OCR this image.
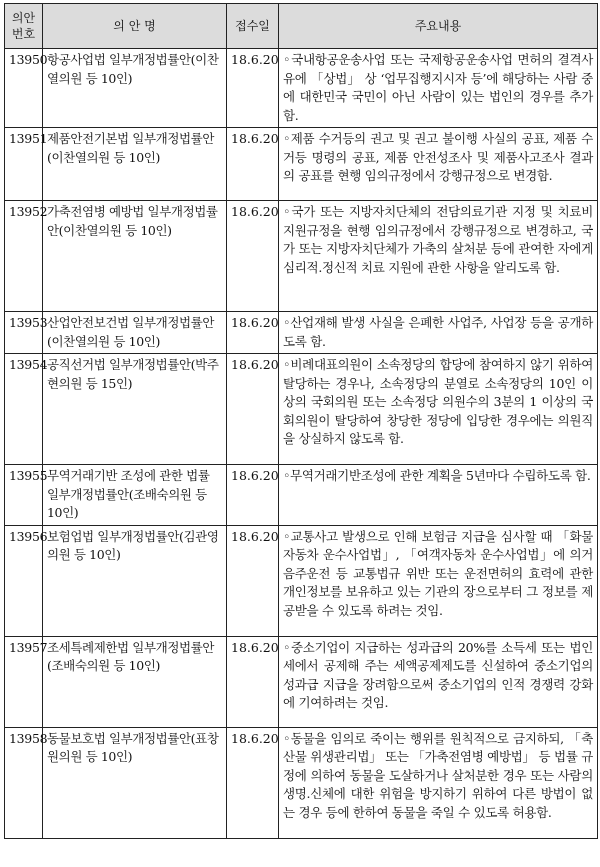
의안
번호	의 안 명	접수일	주요내용
13950	항공사업법 일부개정법률안(이찬열의원 등 10인)	18.6.20	◦국내항공운송사업 또는 국제항공운송사업 면허의 결격사유에 「상법」 상 ‘업무집행지시자 등’에 해당하는 사람 중에 대한민국 국민이 아닌 사람이 있는 법인의 경우를 추가함.
13951	제품안전기본법 일부개정법률안(이찬열의원 등 10인)	18.6.20	◦제품 수거등의 권고 및 권고 불이행 사실의 공표, 제품 수거등 명령의 공표, 제품 안전성조사 및 제품사고조사 결과의 공표를 현행 임의규정에서 강행규정으로 변경함.
13952	가축전염병 예방법 일부개정법률안(이찬열의원 등 10인)	18.6.20	◦국가 또는 지방자치단체의 전담의료기관 지정 및 치료비 지원규정을 현행 임의규정에서 강행규정으로 변경하고, 국가 또는 지방자치단체가 가축의 살처분 등에 관여한 자에게 심리적.정신적 치료 지원에 관한 사항을 알리도록 함.
13953	산업안전보건법 일부개정법률안(이찬열의원 등 10인)	18.6.20	◦산업재해 발생 사실을 은폐한 사업주, 사업장 등을 공개하도록 함.
13954	공직선거법 일부개정법률안(박주현의원 등 15인)	18.6.20	◦비례대표의원이 소속정당의 합당에 참여하지 않기 위하여 탈당하는 경우나, 소속정당의 분열로 소속정당의 10인 이상의 국회의원 또는 소속정당 의원수의 3분의 1 이상의 국회의원이 탈당하여 창당한 정당에 입당한 경우에는 의원직을 상실하지 않도록 함.
13955	무역거래기반 조성에 관한 법률 일부개정법률안(조배숙의원 등 10인)	18.6.20	◦무역거래기반조성에 관한 계획을 5년마다 수립하도록 함.
13956	보험업법 일부개정법률안(김관영의원 등 10인)	18.6.20	◦교통사고 발생으로 인해 보험금 지급을 심사할 때 「화물자동차 운수사업법」, 「여객자동차 운수사업법」에 의거 음주운전 등 교통법규 위반 또는 운전면허의 효력에 관한 개인정보를 보유하고 있는 기관의 장으로부터 그 정보를 제공받을 수 있도록 하려는 것임.
13957	조세특례제한법 일부개정법률안(조배숙의원 등 10인)	18.6.20	◦중소기업이 지급하는 성과급의 20%를 소득세 또는 법인세에서 공제해 주는 세액공제제도를 신설하여 중소기업의 성과급 지급을 장려함으로써 중소기업의 인적 경쟁력 강화에 기여하려는 것임.
13958	동물보호법 일부개정법률안(표창원의원 등 10인)	18.6.20	◦동물을 임의로 죽이는 행위를 원칙적으로 금지하되, 「축산물 위생관리법」 또는 「가축전염병 예방법」 등 법률 규정에 의하여 동물을 도살하거나 살처분한 경우 또는 사람의 생명.신체에 대한 위험을 방지하기 위하여 다른 방법이 없는 경우 등에 한하여 동물을 죽일 수 있도록 허용함.
